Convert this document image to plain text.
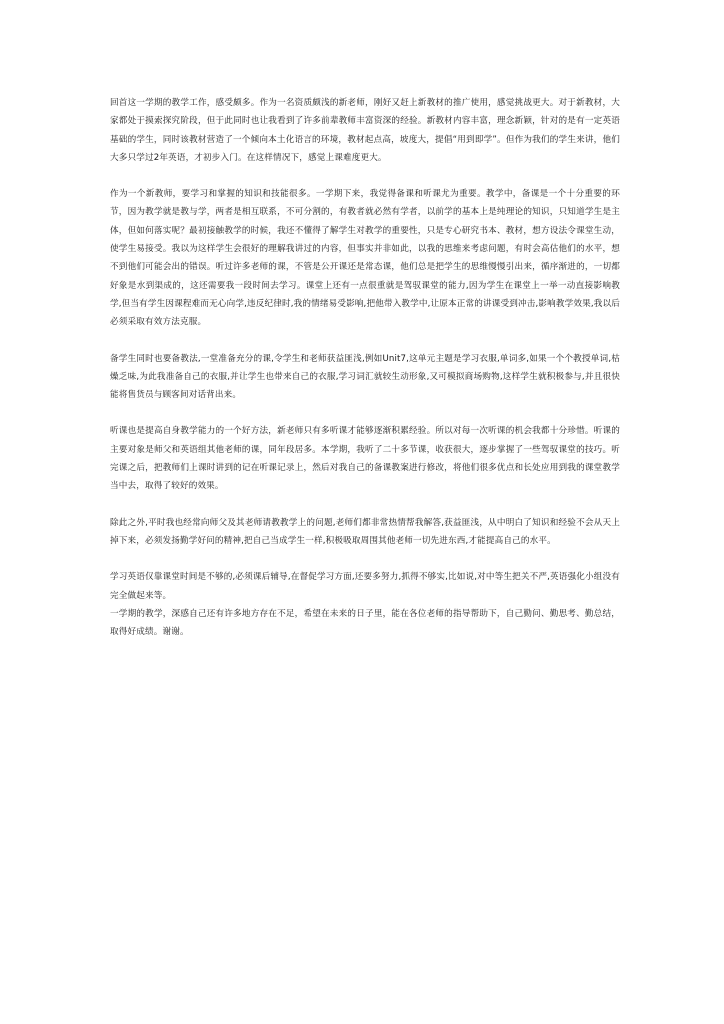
回首这一学期的教学工作，感受颇多。作为一名资质颇浅的新老师，刚好又赶上新教材的推广使用，感觉挑战更大。对于新教材，大家都处于摸索探究阶段，但于此同时也让我看到了许多前辈教师丰富资深的经验。新教材内容丰富，理念新颖，针对的是有一定英语基础的学生，同时该教材营造了一个倾向本土化语言的环境，教材起点高，坡度大，提倡“用到即学”。但作为我们的学生来讲，他们大多只学过2年英语，才初步入门。在这样情况下，感觉上课难度更大。

作为一个新教师，要学习和掌握的知识和技能很多。一学期下来，我觉得备课和听课尤为重要。教学中，备课是一个十分重要的环节，因为教学就是教与学，两者是相互联系，不可分割的，有教者就必然有学者，以前学的基本上是纯理论的知识，只知道学生是主体，但如何落实呢？最初接触教学的时候，我还不懂得了解学生对教学的重要性，只是专心研究书本、教材，想方设法令课堂生动，使学生易接受。我以为这样学生会很好的理解我讲过的内容，但事实并非如此，以我的思维来考虑问题，有时会高估他们的水平，想不到他们可能会出的错误。听过许多老师的课，不管是公开课还是常态课，他们总是把学生的思维慢慢引出来，循序渐进的，一切都好象是水到渠成的，这还需要我一段时间去学习。课堂上还有一点很重就是驾驭课堂的能力,因为学生在课堂上一举一动直接影响教学,但当有学生因课程难而无心向学,违反纪律时,我的情绪易受影响,把他带入教学中,让原本正常的讲课受到冲击,影响教学效果,我以后必须采取有效方法克服。

备学生同时也要备教法,一堂准备充分的课,令学生和老师获益匪浅,例如Unit7,这单元主题是学习衣服,单词多,如果一个个教授单词,枯燥乏味,为此我准备自己的衣服,并让学生也带来自己的衣服,学习词汇就较生动形象,又可模拟商场购物,这样学生就积极参与,并且很快能将售货员与顾客间对话背出来。

听课也是提高自身教学能力的一个好方法，新老师只有多听课才能够逐渐积累经验。所以对每一次听课的机会我都十分珍惜。听课的主要对象是师父和英语组其他老师的课，同年段居多。本学期，我听了二十多节课，收获很大，逐步掌握了一些驾驭课堂的技巧。听完课之后，把教师们上课时讲到的记在听课记录上，然后对我自己的备课教案进行修改，将他们很多优点和长处应用到我的课堂教学当中去，取得了较好的效果。

除此之外,平时我也经常向师父及其老师请教教学上的问题,老师们都非常热情帮我解答,获益匪浅，从中明白了知识和经验不会从天上掉下来，必须发扬勤学好问的精神,把自己当成学生一样,积极吸取周围其他老师一切先进东西,才能提高自己的水平。

学习英语仅靠课堂时间是不够的,必须课后辅导,在督促学习方面,还要多努力,抓得不够实,比如说,对中等生把关不严,英语强化小组没有完全做起来等。

一学期的教学，深感自己还有许多地方存在不足，希望在未来的日子里，能在各位老师的指导帮助下，自己勤问、勤思考、勤总结，取得好成绩。谢谢。
